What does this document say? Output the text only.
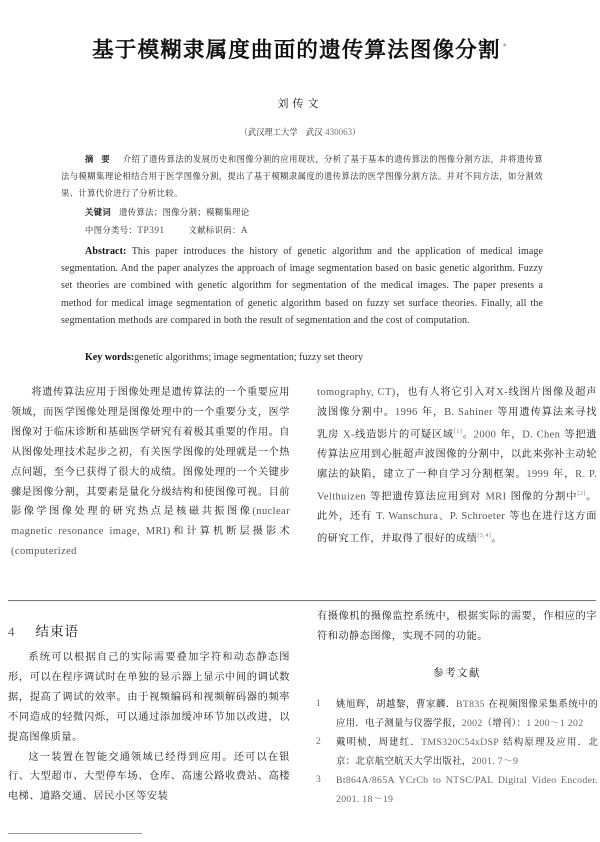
基于模糊隶属度曲面的遗传算法图像分割 *
刘传文
（武汉理工大学　武汉 430063）
摘要 介绍了遗传算法的发展历史和图像分割的应用现状，分析了基于基本的遗传算法的图像分割方法，并将遗传算法与模糊集理论相结合用于医学图像分割，提出了基于模糊隶属度的遗传算法的医学图像分割方法。并对不同方法，如分割效果、计算代价进行了分析比较。
关键词 遗传算法；图像分割；模糊集理论
中图分类号：TP391	文献标识码：A
Abstract: This paper introduces the history of genetic algorithm and the application of medical image segmentation. And the paper analyzes the approach of image segmentation based on basic genetic algorithm. Fuzzy set theories are combined with genetic algorithm for segmentation of the medical images. The paper presents a method for medical image segmentation of genetic algorithm based on fuzzy set surface theories. Finally, all the segmentation methods are compared in both the result of segmentation and the cost of computation.
Key words:genetic algorithms; image segmentation; fuzzy set theory

将遗传算法应用于图像处理是遗传算法的一个重要应用领域，而医学图像处理是图像处理中的一个重要分支，医学图像对于临床诊断和基础医学研究有着极其重要的作用。自从图像处理技术起步之初，有关医学图像的处理就是一个热点问题，至今已获得了很大的成绩。图像处理的一个关键步骤是图像分割，其要素是量化分级结构和使图像可视。目前影像学图像处理的研究热点是核磁共振图像(nuclear magnetic resonance image, MRI)和计算机断层摄影术(computerized

tomography, CT)，也有人将它引入对X-线图片图像及超声波图像分割中。1996 年，B. Sahiner 等用遗传算法来寻找乳房 X-线造影片的可疑区域[1]。2000 年，D. Chen 等把遗传算法应用到心脏超声波图像的分割中，以此来弥补主动轮廓法的缺陷，建立了一种自学习分割框架。1999 年，R. P. Velthuizen 等把遗传算法应用到对 MRI 图像的分割中[2]。此外，还有 T. Wanschura、P. Schroeter 等也在进行这方面的研究工作，并取得了很好的成绩[3,4]。

4 结束语

系统可以根据自己的实际需要叠加字符和动态静态图形，可以在程序调试时在单独的显示器上显示中间的调试数据，提高了调试的效率。由于视频编码和视频解码器的频率不同造成的轻微闪烁，可以通过添加缓冲环节加以改进，以提高图像质量。

这一装置在智能交通领域已经得到应用。还可以在银行、大型超市、大型停车场、仓库、高速公路收费站、高楼电梯、道路交通、居民小区等安装

有摄像机的摄像监控系统中，根据实际的需要，作相应的字符和动静态图像，实现不同的功能。

参考文献
1 姚旭辉，胡越黎，曹家麟．BT835 在视频图像采集系统中的应用．电子测量与仪器学报，2002（增刊）：1 200～1 202
2 戴明桢，周建红．TMS320C54xDSP 结构原理及应用．北京：北京航空航天大学出版社，2001. 7～9
3 Bt864A/865A YCrCb to NTSC/PAL Digital Video Encoder. 2001. 18～19
